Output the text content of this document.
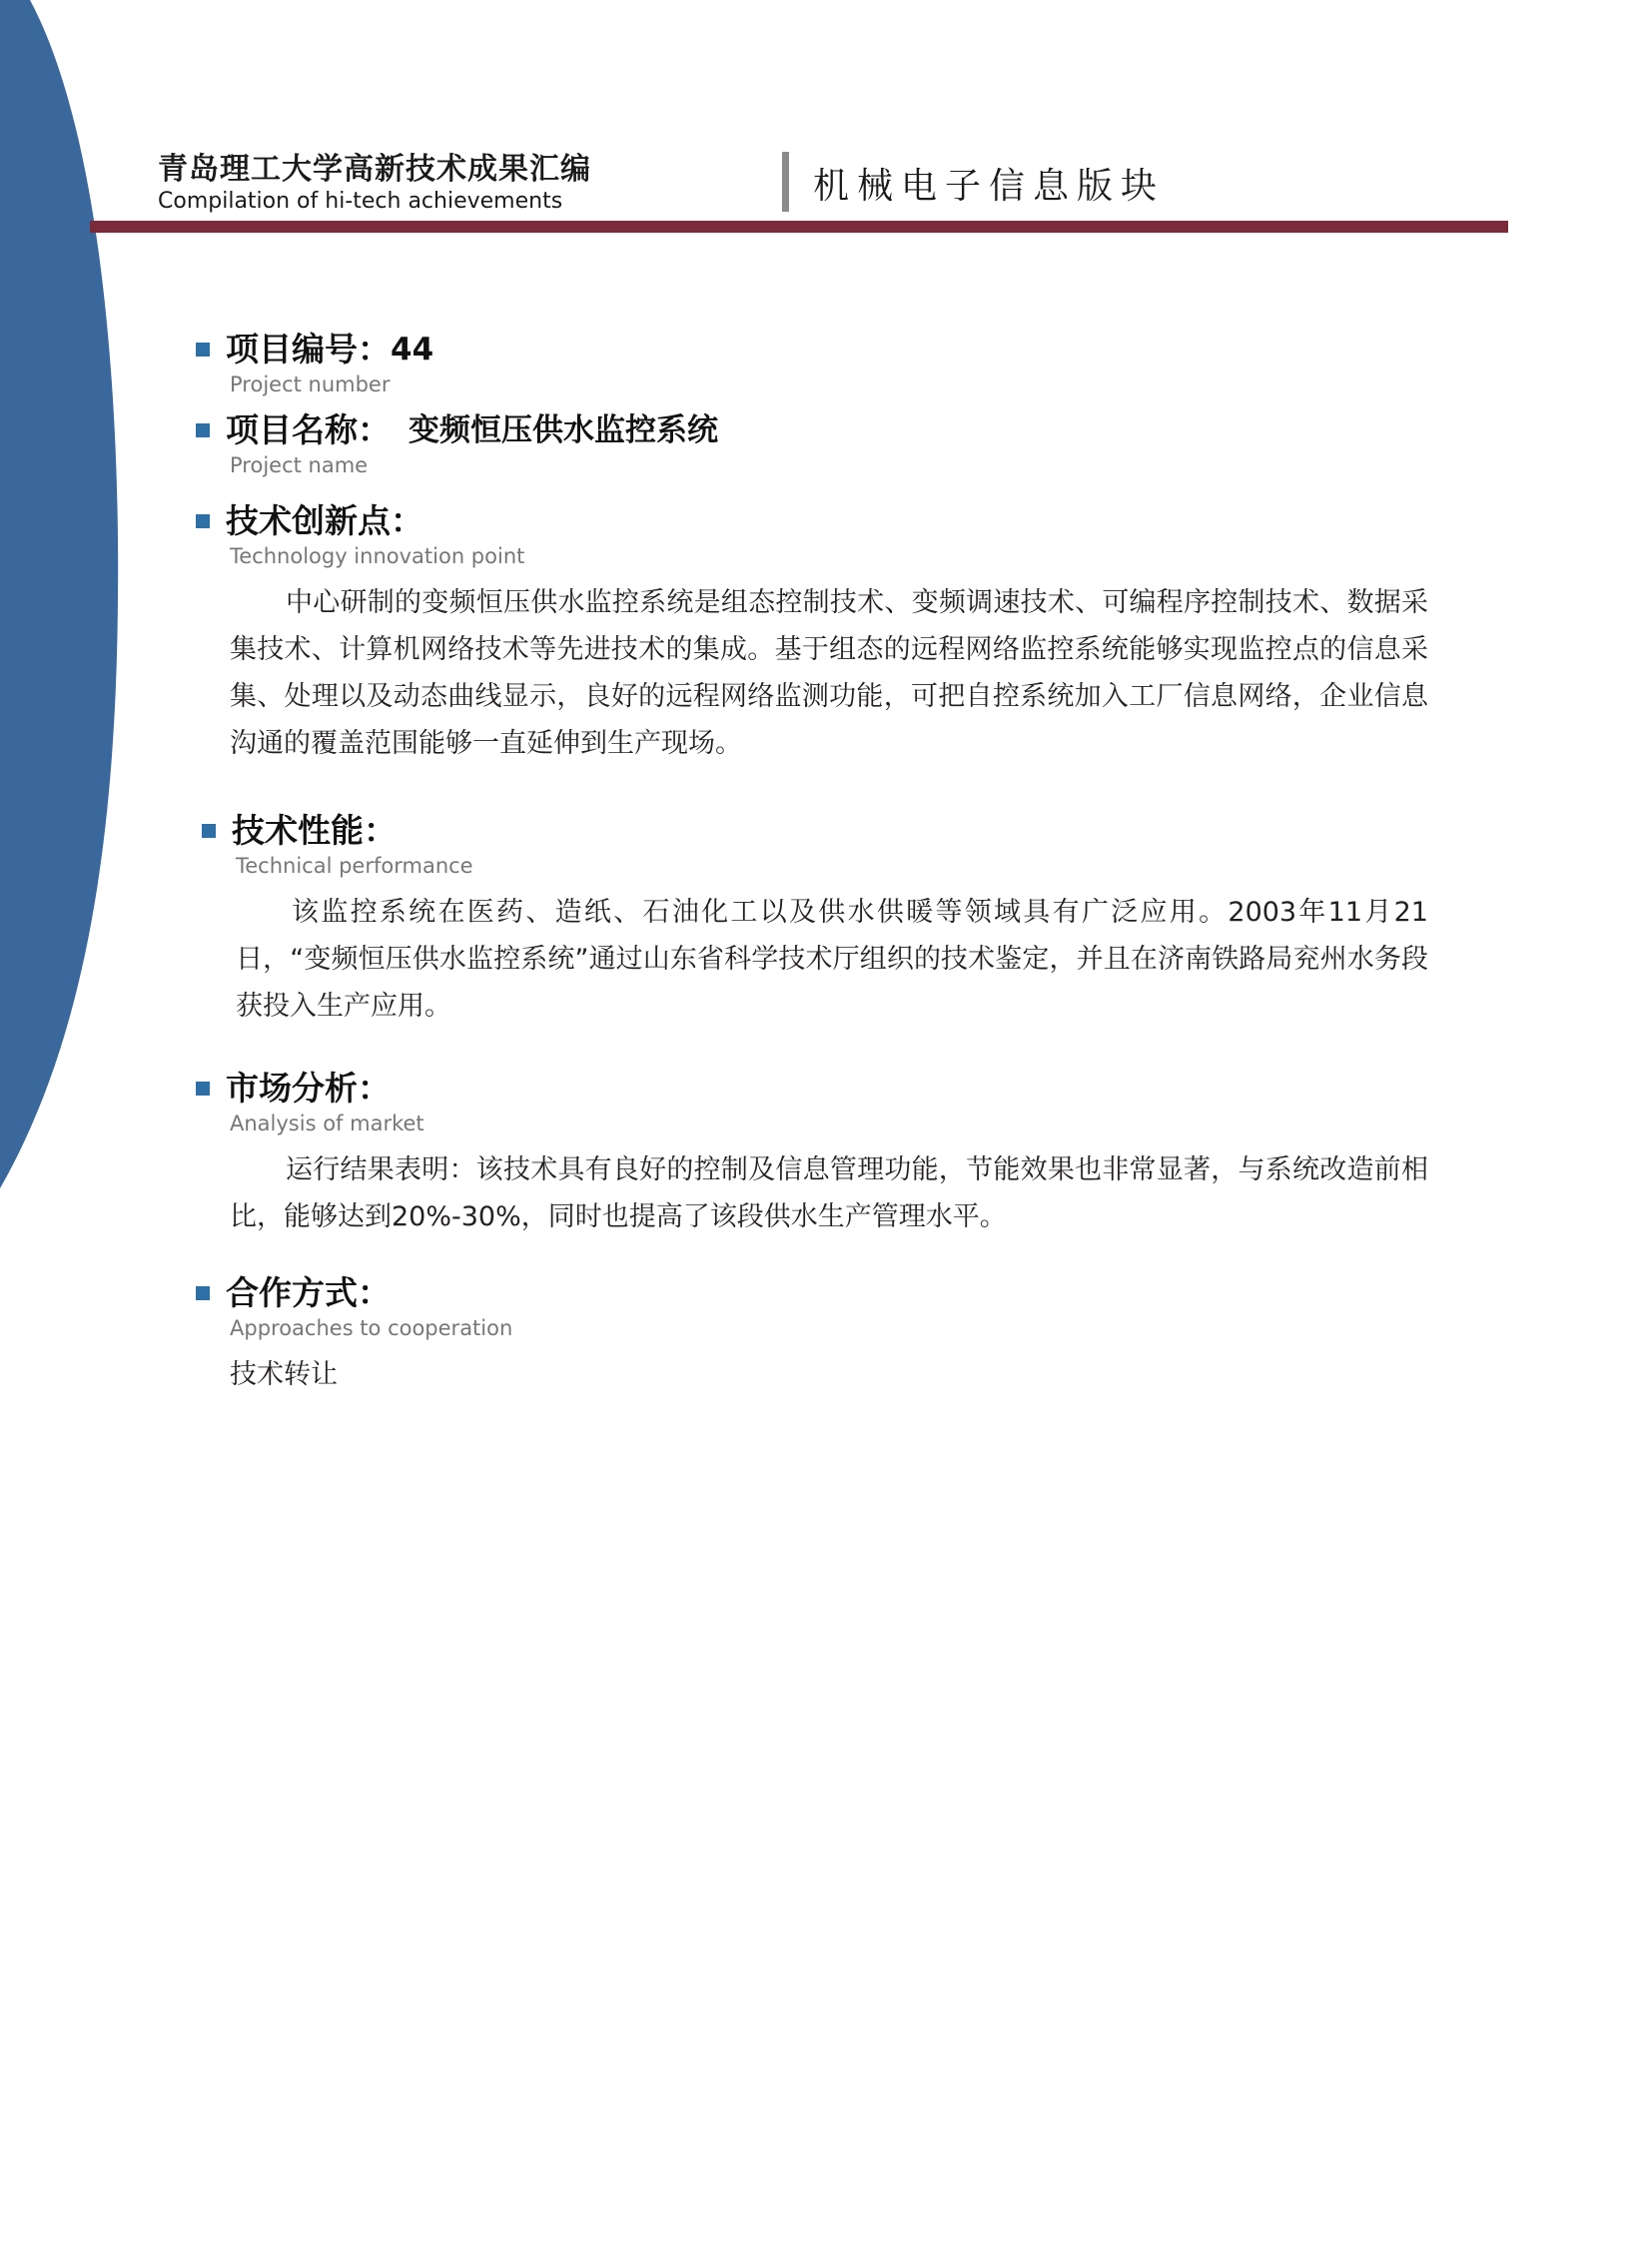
青岛理工大学高新技术成果汇编
Compilation of hi-tech achievements	机械电子信息版块
项目编号： 44
Project number
项目名称： 变频恒压供水监控系统
Project name
技术创新点：
Technology innovation point
中心研制的变频恒压供水监控系统是组态控制技术、变频调速技术、可编程序控制技术、数据采集技术、计算机网络技术等先进技术的集成。基于组态的远程网络监控系统能够实现监控点的信息采集、处理以及动态曲线显示，良好的远程网络监测功能，可把自控系统加入工厂信息网络，企业信息沟通的覆盖范围能够一直延伸到生产现场。
技术性能：
Technical performance
该监控系统在医药、造纸、石油化工以及供水供暖等领域具有广泛应用。2003年11月21日，“变频恒压供水监控系统”通过山东省科学技术厅组织的技术鉴定，并且在济南铁路局兖州水务段获投入生产应用。
市场分析：
Analysis of market
运行结果表明：该技术具有良好的控制及信息管理功能，节能效果也非常显著，与系统改造前相比，能够达到20%-30%，同时也提高了该段供水生产管理水平。
合作方式：
Approaches to cooperation
技术转让
